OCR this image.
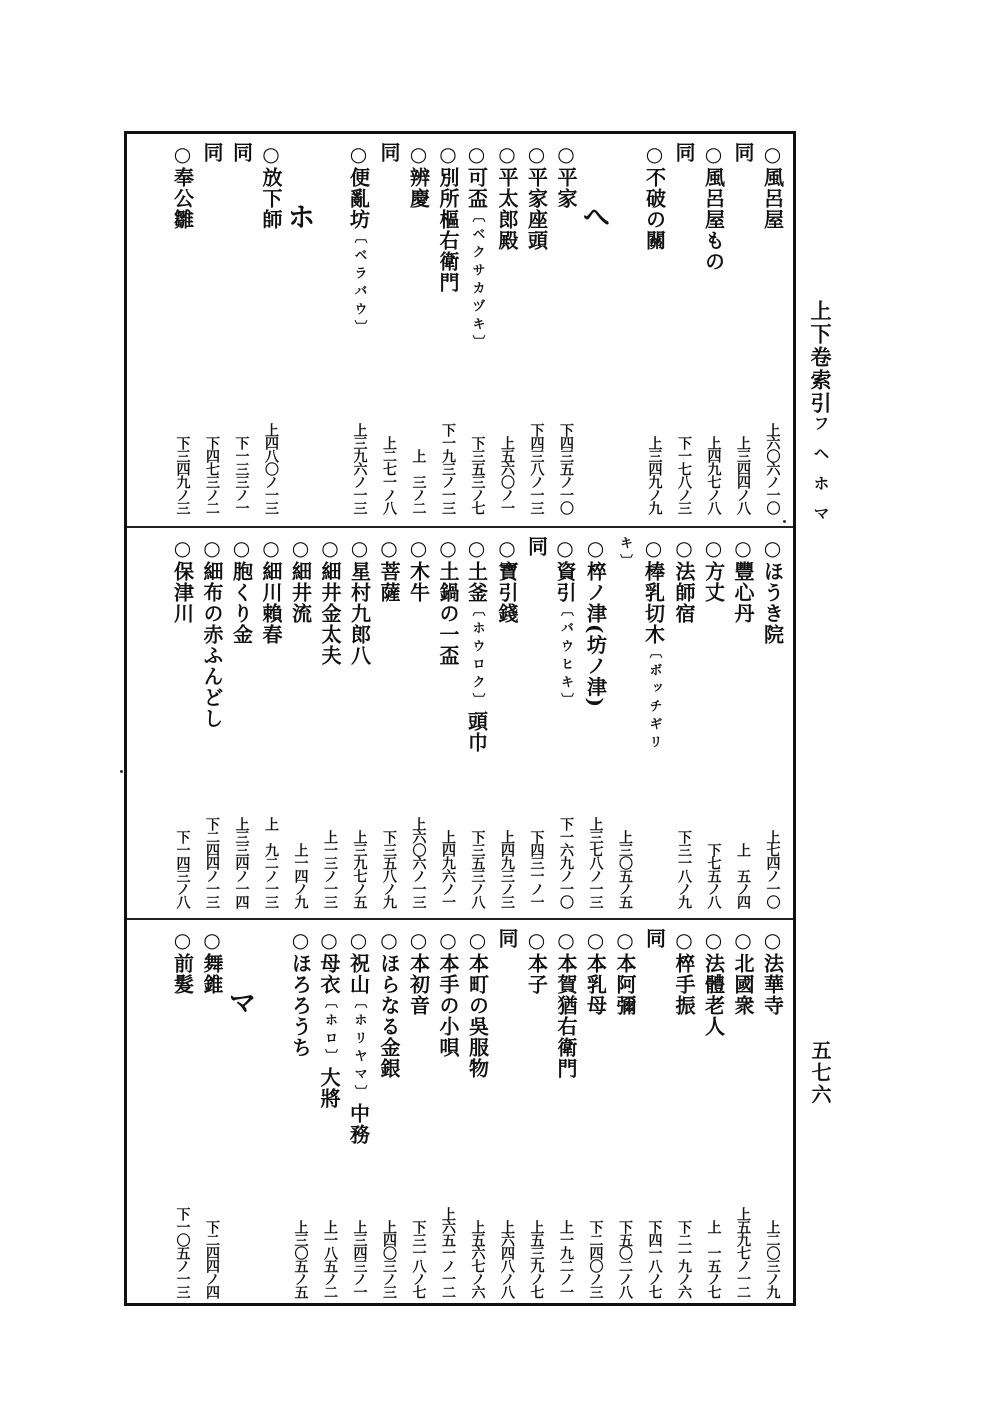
○風呂屋
上六〇六ノ一〇
同
上三四四ノ八
○風呂屋もの
上四九七ノ八
同
下一七八ノ三
○不破の關
上三四九ノ九
へ
○平家
下四三五ノ一〇
○平家座頭
下四三八ノ一三
○平太郎殿
上五六〇ノ一
○可盃〔ベクサカヅキ〕
下三五三ノ七
○別所樞右衛門
下一九三ノ一三
○辨慶
上　三ノ二
同
上二七一ノ八
○便亂坊〔ベラバウ〕
上三九六ノ一三
ホ
○放下師
上四八〇ノ一三
同
下一三三ノ一
同
下四七三ノ二
○奉公雛
下三四九ノ三
○ほうき院
上七四ノ一〇
○豐心丹
上　五ノ四
○方丈
下七五ノ八
○法師宿
下三一八ノ九
○棒乳切木〔ボッチギリ
キ〕
上三〇五ノ五
○椊ノ津(坊ノ津)
上三七八ノ一三
○資引〔バウヒキ〕
下一六九ノ一〇
同
下四三一ノ一
○寶引錢
上四九三ノ三
○土釜〔ホウロク〕頭巾
下三五三ノ八
○土鍋の一盃
上四九六ノ一
○木牛
上六〇六ノ一三
○菩薩
下三五八ノ九
○星村九郎八
上三九七ノ五
○細井金太夫
上一三ノ一三
○細井流
上一四ノ九
○細川賴春
上　九二ノ一三
○胞くり金
上三三四ノ一四
○細布の赤ふんどし
下二四四ノ一三
○保津川
下一四三ノ八
○法華寺
上二〇三ノ九
○北國衆
上五九七ノ一二
○法體老人
上　一五ノ七
○椊手振
下二一九ノ六
同
下四一八ノ七
○本阿彌
下五〇二ノ八
○本乳母
下二四〇ノ三
○本賀猶右衛門
上一九二ノ一
○本子
上五三九ノ七
同
上六四八ノ八
○本町の吳服物
上五六七ノ六
○本手の小唄
上六五一ノ一二
○本初音
下三一八ノ七
○ほらなる金銀
上四〇三ノ三
○祝山〔ホリヤマ〕中務
上三四三ノ一
○母衣〔ホロ〕大將
上一八五ノ二
○ほろろうち
上三〇五ノ五
マ
○舞錐
下二四四ノ四
○前髮
下一〇五ノ一三
上下卷索引フヘホマ
五七六
